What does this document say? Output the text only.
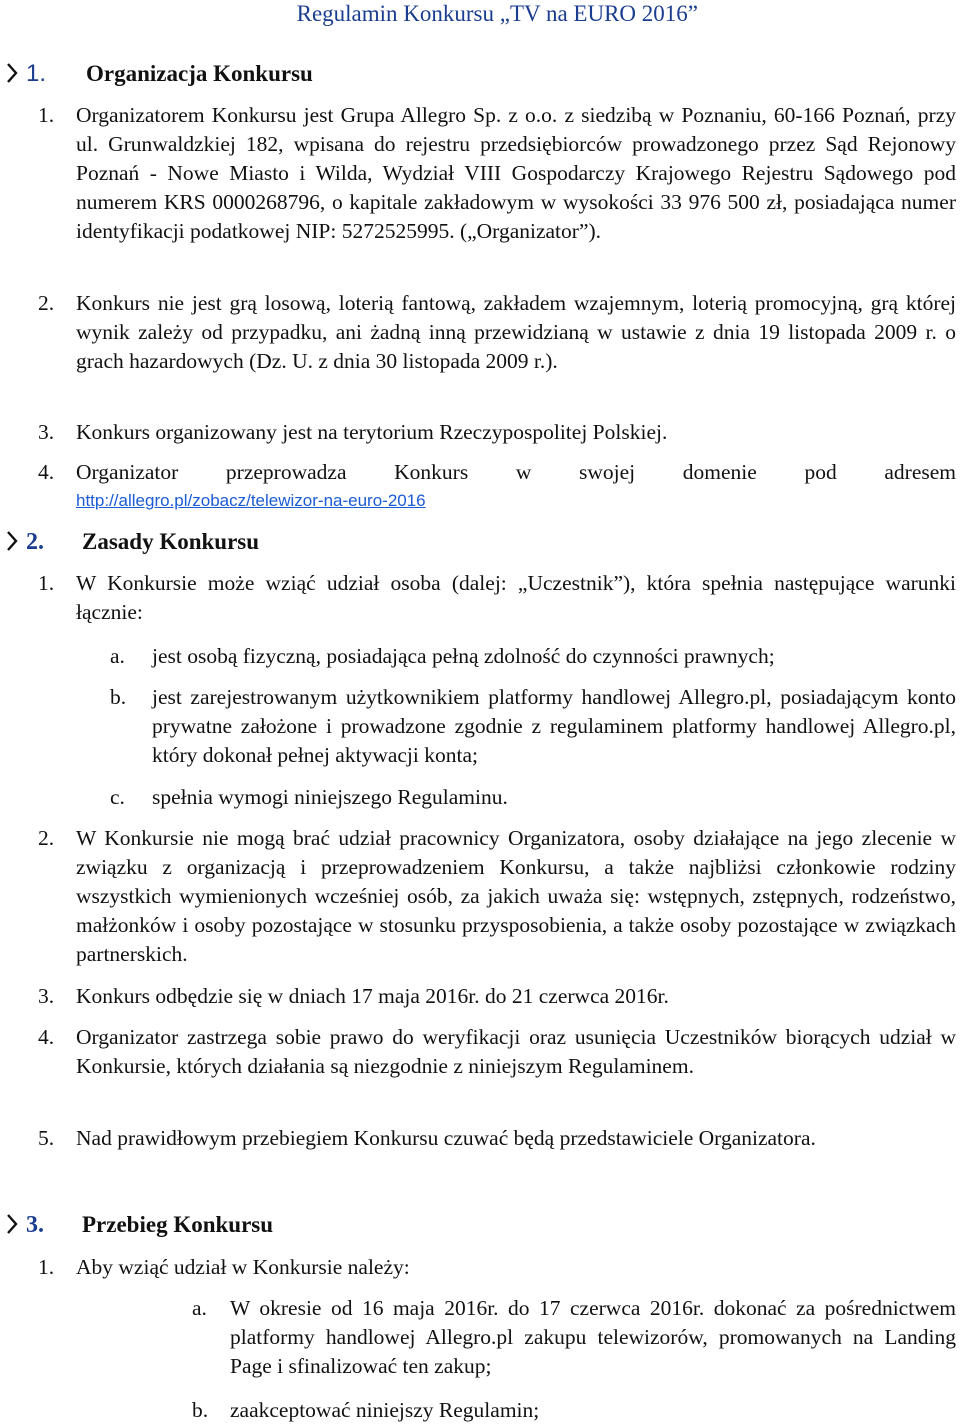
Regulamin Konkursu „TV na EURO 2016”
1. Organizacja Konkursu
1. Organizatorem Konkursu jest Grupa Allegro Sp. z o.o. z siedzibą w Poznaniu, 60-166 Poznań, przy ul. Grunwaldzkiej 182, wpisana do rejestru przedsiębiorców prowadzonego przez Sąd Rejonowy Poznań - Nowe Miasto i Wilda, Wydział VIII Gospodarczy Krajowego Rejestru Sądowego pod numerem KRS 0000268796, o kapitale zakładowym w wysokości 33 976 500 zł, posiadająca numer identyfikacji podatkowej NIP: 5272525995. („Organizator”).
2. Konkurs nie jest grą losową, loterią fantową, zakładem wzajemnym, loterią promocyjną, grą której wynik zależy od przypadku, ani żadną inną przewidzianą w ustawie z dnia 19 listopada 2009 r. o grach hazardowych (Dz. U. z dnia 30 listopada 2009 r.).
3. Konkurs organizowany jest na terytorium Rzeczypospolitej Polskiej.
4. Organizator przeprowadza Konkurs w swojej domenie pod adresem
http://allegro.pl/zobacz/telewizor-na-euro-2016
2. Zasady Konkursu
1. W Konkursie może wziąć udział osoba (dalej: „Uczestnik”), która spełnia następujące warunki łącznie:
a. jest osobą fizyczną, posiadająca pełną zdolność do czynności prawnych;
b. jest zarejestrowanym użytkownikiem platformy handlowej Allegro.pl, posiadającym konto prywatne założone i prowadzone zgodnie z regulaminem platformy handlowej Allegro.pl, który dokonał pełnej aktywacji konta;
c. spełnia wymogi niniejszego Regulaminu.
2. W Konkursie nie mogą brać udział pracownicy Organizatora, osoby działające na jego zlecenie w związku z organizacją i przeprowadzeniem Konkursu, a także najbliżsi członkowie rodziny wszystkich wymienionych wcześniej osób, za jakich uważa się: wstępnych, zstępnych, rodzeństwo, małżonków i osoby pozostające w stosunku przysposobienia, a także osoby pozostające w związkach partnerskich.
3. Konkurs odbędzie się w dniach 17 maja 2016r. do 21 czerwca 2016r.
4. Organizator zastrzega sobie prawo do weryfikacji oraz usunięcia Uczestników biorących udział w Konkursie, których działania są niezgodnie z niniejszym Regulaminem.
5. Nad prawidłowym przebiegiem Konkursu czuwać będą przedstawiciele Organizatora.
3. Przebieg Konkursu
1. Aby wziąć udział w Konkursie należy:
a. W okresie od 16 maja 2016r. do 17 czerwca 2016r. dokonać za pośrednictwem platformy handlowej Allegro.pl zakupu telewizorów, promowanych na Landing Page i sfinalizować ten zakup;
b. zaakceptować niniejszy Regulamin;
